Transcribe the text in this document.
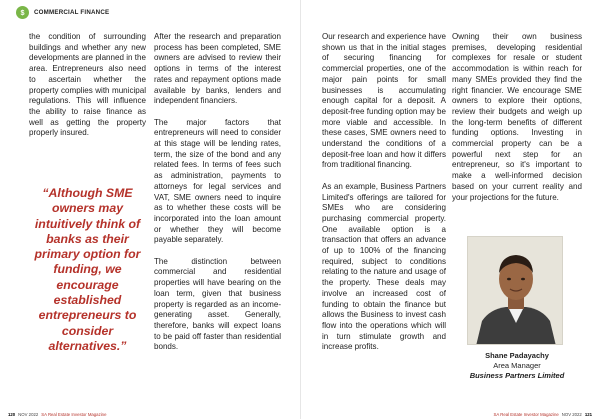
$ COMMERCIAL FINANCE

the condition of surrounding buildings and whether any new developments are planned in the area. Entrepreneurs also need to ascertain whether the property complies with municipal regulations. This will influence the ability to raise finance as well as getting the property properly insured.

“Although SME owners may intuitively think of banks as their primary option for funding, we encourage established entrepreneurs to consider alternatives.”

After the research and preparation process has been completed, SME owners are advised to review their options in terms of the interest rates and repayment options made available by banks, lenders and independent financiers.

The major factors that entrepreneurs will need to consider at this stage will be lending rates, term, the size of the bond and any related fees. In terms of fees such as administration, payments to attorneys for legal services and VAT, SME owners need to inquire as to whether these costs will be incorporated into the loan amount or whether they will become payable separately.

The distinction between commercial and residential properties will have bearing on the loan term, given that business property is regarded as an income-generating asset. Generally, therefore, banks will expect loans to be paid off faster than residential bonds.

Our research and experience have shown us that in the initial stages of securing financing for commercial properties, one of the major pain points for small businesses is accumulating enough capital for a deposit. A deposit-free funding option may be more viable and accessible. In these cases, SME owners need to understand the conditions of a deposit-free loan and how it differs from traditional financing.

As an example, Business Partners Limited's offerings are tailored for SMEs who are considering purchasing commercial property. One available option is a transaction that offers an advance of up to 100% of the financing required, subject to conditions relating to the nature and usage of the property. These deals may involve an increased cost of funding to obtain the finance but allows the Business to invest cash flow into the operations which will in turn stimulate growth and increase profits.

Owning their own business premises, developing residential complexes for resale or student accommodation is within reach for many SMEs provided they find the right financier. We encourage SME owners to explore their options, review their budgets and weigh up the long-term benefits of different funding options. Investing in commercial property can be a powerful next step for an entrepreneur, so it's important to make a well-informed decision based on your current reality and your projections for the future.

Shane Padayachy
Area Manager
Business Partners Limited
120 NOV 2022 SA Real Estate Investor Magazine	SA Real Estate Investor Magazine NOV 2022 121
